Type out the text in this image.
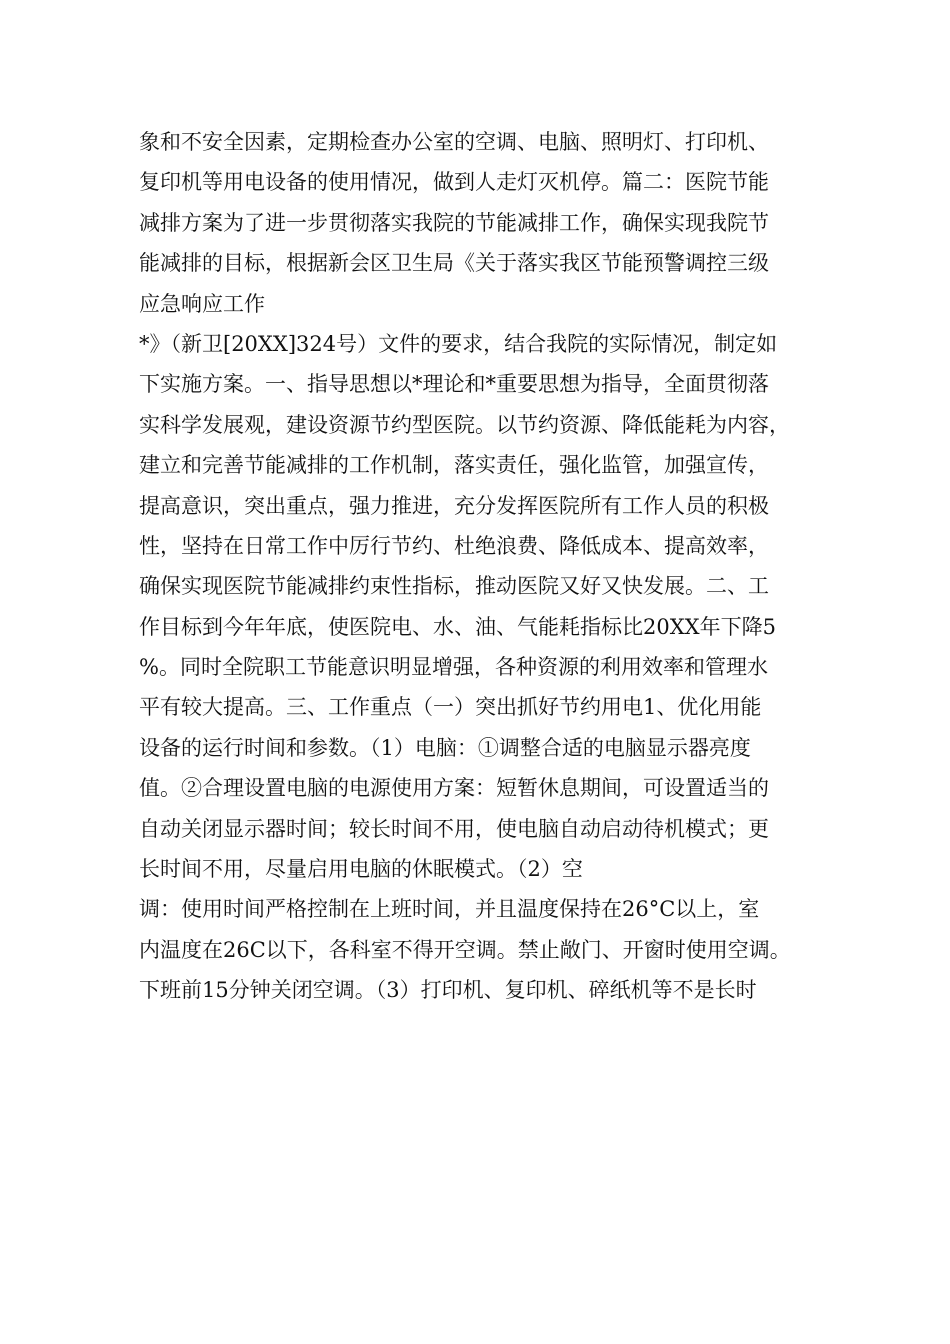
象和不安全因素，定期检查办公室的空调、电脑、照明灯、打印机、
复印机等用电设备的使用情况，做到人走灯灭机停。篇二：医院节能
减排方案为了进一步贯彻落实我院的节能减排工作，确保实现我院节
能减排的目标，根据新会区卫生局《关于落实我区节能预警调控三级
应急响应工作
*》（新卫[20XX]324号）文件的要求，结合我院的实际情况，制定如
下实施方案。一、指导思想以*理论和*重要思想为指导，全面贯彻落
实科学发展观，建设资源节约型医院。以节约资源、降低能耗为内容，
建立和完善节能减排的工作机制，落实责任，强化监管，加强宣传，
提高意识，突出重点，强力推进，充分发挥医院所有工作人员的积极
性，坚持在日常工作中厉行节约、杜绝浪费、降低成本、提高效率，
确保实现医院节能减排约束性指标，推动医院又好又快发展。二、工
作目标到今年年底，使医院电、水、油、气能耗指标比20XX年下降5
%。同时全院职工节能意识明显增强，各种资源的利用效率和管理水
平有较大提高。三、工作重点（一）突出抓好节约用电1、优化用能
设备的运行时间和参数。（1）电脑：①调整合适的电脑显示器亮度
值。②合理设置电脑的电源使用方案：短暂休息期间，可设置适当的
自动关闭显示器时间；较长时间不用，使电脑自动启动待机模式；更
长时间不用，尽量启用电脑的休眠模式。（2）空
调：使用时间严格控制在上班时间，并且温度保持在26°C以上，室
内温度在26C以下，各科室不得开空调。禁止敞门、开窗时使用空调。
下班前15分钟关闭空调。（3）打印机、复印机、碎纸机等不是长时
